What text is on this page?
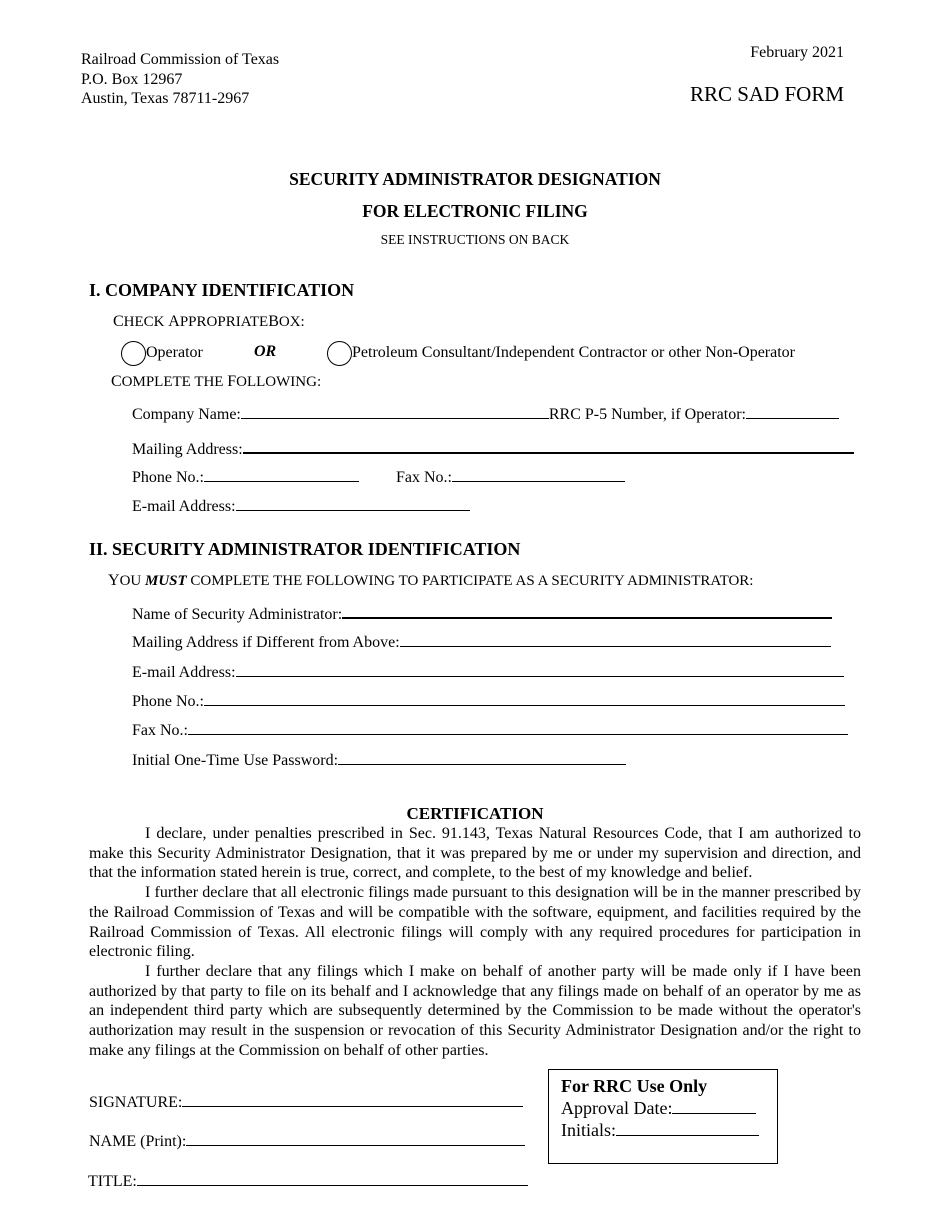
Railroad Commission of Texas
P.O. Box 12967
Austin, Texas 78711-2967
February 2021
RRC SAD FORM
SECURITY ADMINISTRATOR DESIGNATION
FOR ELECTRONIC FILING
SEE INSTRUCTIONS ON BACK
I. COMPANY IDENTIFICATION
CHECK APPROPRIATEBOX:
Operator	OR	Petroleum Consultant/Independent Contractor or other Non-Operator
COMPLETE THE FOLLOWING:
Company Name:	RRC P-5 Number, if Operator:
Mailing Address:
Phone No.:	Fax No.:
E-mail Address:
II. SECURITY ADMINISTRATOR IDENTIFICATION
YOU MUST COMPLETE THE FOLLOWING TO PARTICIPATE AS A SECURITY ADMINISTRATOR:
Name of Security Administrator:
Mailing Address if Different from Above:
E-mail Address:
Phone No.:
Fax No.:
Initial One-Time Use Password:
CERTIFICATION

I declare, under penalties prescribed in Sec. 91.143, Texas Natural Resources Code, that I am authorized to make this Security Administrator Designation, that it was prepared by me or under my supervision and direction, and that the information stated herein is true, correct, and complete, to the best of my knowledge and belief.

I further declare that all electronic filings made pursuant to this designation will be in the manner prescribed by the Railroad Commission of Texas and will be compatible with the software, equipment, and facilities required by the Railroad Commission of Texas. All electronic filings will comply with any required procedures for participation in electronic filing.

I further declare that any filings which I make on behalf of another party will be made only if I have been authorized by that party to file on its behalf and I acknowledge that any filings made on behalf of an operator by me as an independent third party which are subsequently determined by the Commission to be made without the operator's authorization may result in the suspension or revocation of this Security Administrator Designation and/or the right to make any filings at the Commission on behalf of other parties.

SIGNATURE:
NAME (Print):
TITLE:
For RRC Use Only
Approval Date:
Initials:
